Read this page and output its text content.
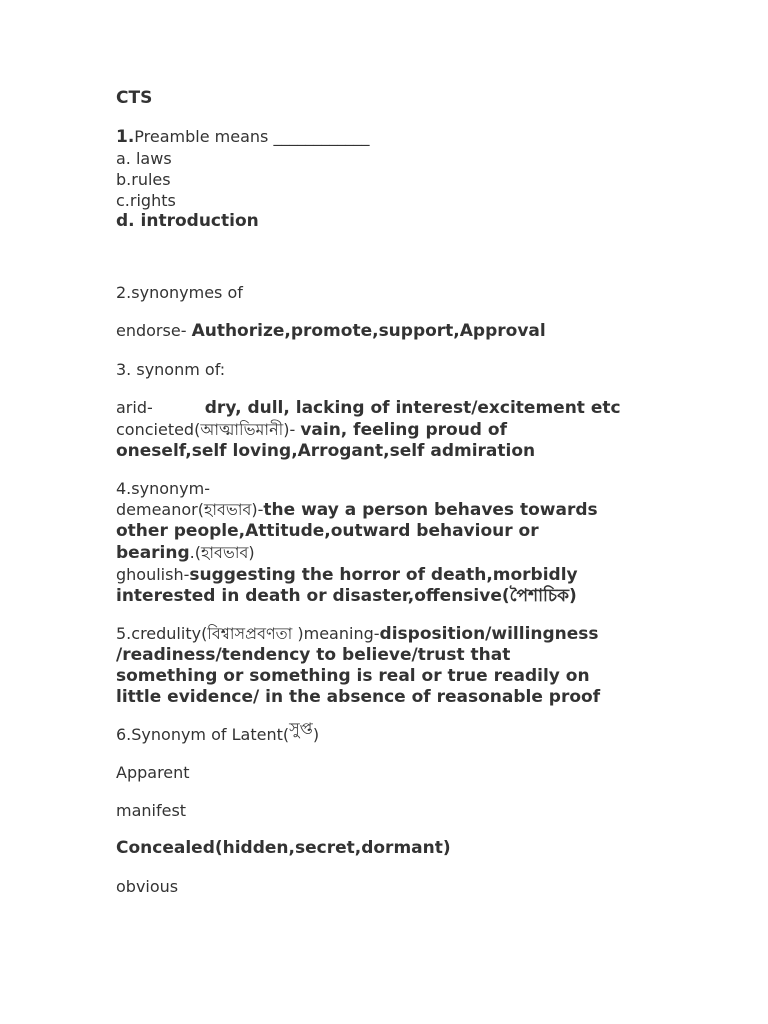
CTS
1.Preamble means ____________
a. laws
b.rules
c.rights
d. introduction
2.synonymes of
endorse- Authorize,promote,support,Approval
3. synonm of:
arid-	dry, dull, lacking of interest/excitement etc
concieted(আত্মাভিমানী)- vain, feeling proud of
oneself,self loving,Arrogant,self admiration
4.synonym-
demeanor(হাবভাব)-the way a person behaves towards
other people,Attitude,outward behaviour or
bearing.(হাবভাব)
ghoulish-suggesting the horror of death,morbidly
interested in death or disaster,offensive(পৈশাচিক)
5.credulity(বিশ্বাসপ্রবণতা )meaning-disposition/willingness
/readiness/tendency to believe/trust that
something or something is real or true readily on
little evidence/ in the absence of reasonable proof
6.Synonym of Latent(সুপ্ত)
Apparent
manifest
Concealed(hidden,secret,dormant)
obvious
